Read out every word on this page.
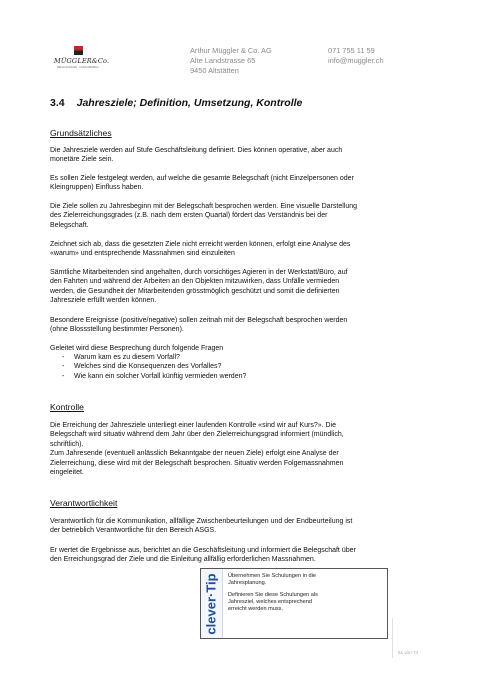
MÜGGLER&Co.
BEDACHUNGEN · FASSADENBAU
Arthur Müggler & Co. AG
Alte Landstrasse 65
9450 Altstätten
071 755 11 59
info@muggler.ch
3.4 Jahresziele; Definition, Umsetzung, Kontrolle
Grundsätzliches
Die Jahresziele werden auf Stufe Geschäftsleitung definiert. Dies können operative, aber auch
monetäre Ziele sein.
Es sollen Ziele festgelegt werden, auf welche die gesamte Belegschaft (nicht Einzelpersonen oder
Kleingruppen) Einfluss haben.
Die Ziele sollen zu Jahresbeginn mit der Belegschaft besprochen werden. Eine visuelle Darstellung
des Zielerreichungsgrades (z.B. nach dem ersten Quartal) fördert das Verständnis bei der
Belegschaft.
Zeichnet sich ab, dass die gesetzten Ziele nicht erreicht werden können, erfolgt eine Analyse des
«warum» und entsprechende Massnahmen sind einzuleiten
Sämtliche Mitarbeitenden sind angehalten, durch vorsichtiges Agieren in der Werkstatt/Büro, auf
den Fahrten und während der Arbeiten an den Objekten mitzuwirken, dass Unfälle vermieden
werden, die Gesundheit der Mitarbeitenden grösstmöglich geschützt und somit die definierten
Jahresziele erfüllt werden können.
Besondere Ereignisse (positive/negative) sollen zeitnah mit der Belegschaft besprochen werden
(ohne Blossstellung bestimmter Personen).
Geleitet wird diese Besprechung durch folgende Fragen
- Warum kam es zu diesem Vorfall?
- Welches sind die Konsequenzen des Vorfalles?
- Wie kann ein solcher Vorfall künftig vermieden werden?
Kontrolle
Die Erreichung der Jahresziele unterliegt einer laufenden Kontrolle «sind wir auf Kurs?». Die
Belegschaft wird situativ während dem Jahr über den Zielerreichungsgrad informiert (mündlich,
schriftlich).
Zum Jahresende (eventuell anlässlich Bekanntgabe der neuen Ziele) erfolgt eine Analyse der
Zielerreichung, diese wird mit der Belegschaft besprochen. Situativ werden Folgemassnahmen
eingeleitet.
Verantwortlichkeit
Verantwortlich für die Kommunikation, allfällige Zwischenbeurteilungen und der Endbeurteilung ist
der betrieblich Verantwortliche für den Bereich ASGS.
Er wertet die Ergebnisse aus, berichtet an die Geschäftsleitung und informiert die Belegschaft über
den Erreichungsgrad der Ziele und die Einleitung allfällig erforderlichen Massnahmen.
clever·Tip Übernehmen Sie Schulungen in die
Jahresplanung.
Definieren Sie diese Schulungen als
Jahresziel, welches entsprechend
erreicht werden muss.
61 von 74
